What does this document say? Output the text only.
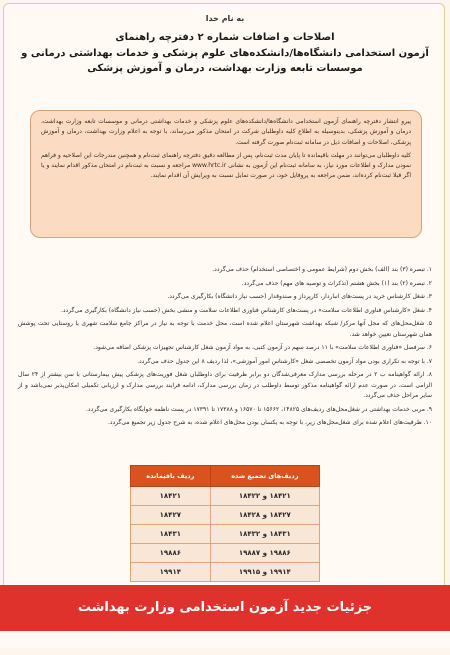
به نام خدا
اصلاحات و اضافات شماره ۲ دفترچه راهنمای
آزمون استخدامی دانشگاه‌ها/دانشکده‌های علوم پزشکی و خدمات بهداشتی درمانی و
موسسات تابعه وزارت بهداشت، درمان و آموزش پزشکی

پیرو انتشار دفترچه راهنمای آزمون استخدامی دانشگاه‌ها/دانشکده‌های علوم پزشکی و خدمات بهداشتی درمانی و موسسات تابعه وزارت بهداشت، درمان و آموزش پزشکی، بدینوسیله به اطلاع کلیه داوطلبان شرکت در امتحان مذکور می‌رساند، با توجه به اعلام وزارت بهداشت، درمان و آموزش پزشکی، اصلاحات و اضافات ذیل در سامانه ثبت‌نام صورت گرفته است.

کلیه داوطلبان می‌توانند در مهلت باقیمانده تا پایان مدت ثبت‌نام، پس از مطالعه دقیق دفترچه راهنمای ثبت‌نام و همچنین مندرجات این اصلاحیه و فراهم نمودن مدارک و اطلاعات مورد نیاز، به سامانه ثبت‌نام این آزمون به نشانی www.hrtc.ir مراجعه و نسبت به ثبت‌نام در امتحان مذکور اقدام نمایند و یا اگر قبلا ثبت‌نام کرده‌اند، ضمن مراجعه به پروفایل خود، در صورت تمایل نسبت به ویرایش آن اقدام نمایند.

۱. تبصره (۳) بند (الف) بخش دوم (شرایط عمومی و اختصاصی استخدام) حذف می‌گردد.
۲. تبصره (۲) بند (۱) بخش هشتم (تذکرات و توصیه های مهم) حذف می‌گردد.
۳. شغل کارشناس خرید در پست‌های انباردار، کارپرداز و صندوقدار (حسب نیاز دانشگاه) بکارگیری می‌گردد.
۴. شغل «کارشناس فناوری اطلاعات سلامت» در پست‌های کارشناس فناوری اطلاعات سلامت و منشی بخش (حسب نیاز دانشگاه) بکارگیری می‌گردد.
۵. شغل‌محل‌های که محل آنها مرکز/ شبکه بهداشت شهرستان اعلام شده است، محل خدمت با توجه به نیاز در مراکز جامع سلامت شهری یا روستایی تحت پوشش همان شهرستان تعیین خواهد شد.
۶. سرفصل «فناوری اطلاعات سلامت» با ۱۱ درصد سهم در آزمون کتبی، به مواد آزمون شغل کارشناس تجهیزات پزشکی اضافه می‌شود.
۷. با توجه به تکراری بودن مواد آزمون تخصصی شغل «کارشناس امور آموزشی»، لذا ردیف ۸ این جدول حذف می‌گردد.
۸. ارائه گواهینامه ب ۲ در مرحله بررسی مدارک معرفی‌شدگان دو برابر ظرفیت برای داوطلبان شغل فوریت‌های پزشکی پیش بیمارستانی با سن بیشتر از ۲۴ سال الزامی است. در صورت عدم ارائه گواهینامه مذکور توسط داوطلب در زمان بررسی مدارک، ادامه فرایند بررسی مدارک و ارزیابی تکمیلی امکان‌پذیر نمی‌باشد و از سایر مراحل حذف می‌گردد.
۹. مربی خدمات بهداشتی در شغل‌محل‌های ردیف‌های ۱۴۸۲۵، ۱۵۶۶۲ تا ۱۶۵۷۰ و ۱۷۳۸۸ تا ۱۷۳۹۱ در پست ناظمه خوابگاه بکارگیری می‌گردد.
۱۰. ظرفیت‌های اعلام شده برای شغل‌محل‌های زیر، با توجه به یکسان بودن محل‌های اعلام شده، به شرح جدول زیر تجمیع می‌گردد.
ردیف‌های تجمیع شده	ردیف باقیمانده
۱۸۴۲۱ و ۱۸۴۲۲	۱۸۴۲۱
۱۸۴۲۷ و ۱۸۴۲۸	۱۸۴۲۷
۱۸۴۳۱ و ۱۸۴۳۲	۱۸۴۳۱
۱۹۸۸۶ و ۱۹۸۸۷	۱۹۸۸۶
۱۹۹۱۴ و ۱۹۹۱۵	۱۹۹۱۴
جزئیات جدید آزمون استخدامی وزارت بهداشت
